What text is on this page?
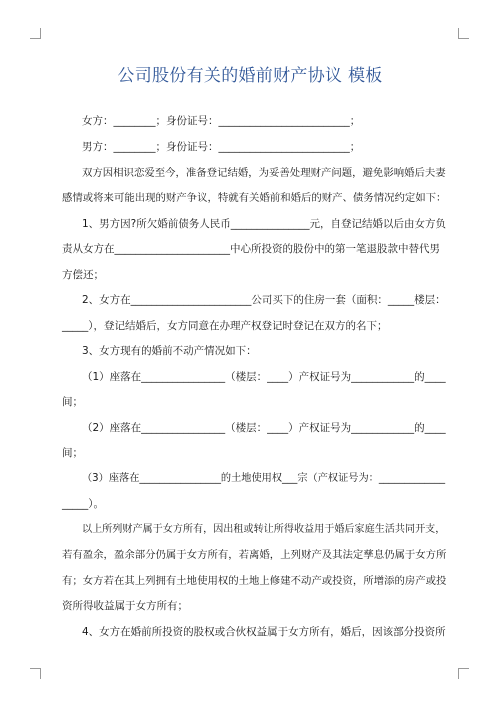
公司股份有关的婚前财产协议 模板
女方：________；身份证号：_________________________；
男方：________；身份证号：_________________________；
双方因相识恋爱至今，准备登记结婚，为妥善处理财产问题，避免影响婚后夫妻
感情或将来可能出现的财产争议，特就有关婚前和婚后的财产、债务情况约定如下：
1、男方因?所欠婚前债务人民币_______________元，自登记结婚以后由女方负
责从女方在______________________中心所投资的股份中的第一笔退股款中替代男
方偿还；
2、女方在_______________________公司买下的住房一套（面积：_____楼层：
_____），登记结婚后，女方同意在办理产权登记时登记在双方的名下；
3、女方现有的婚前不动产情况如下：
（1）座落在________________（楼层：____）产权证号为____________的____
间；
（2）座落在________________（楼层：____）产权证号为____________的____
间；
（3）座落在________________的土地使用权___宗（产权证号为：_____________
_____）。
以上所列财产属于女方所有，因出租或转让所得收益用于婚后家庭生活共同开支，
若有盈余，盈余部分仍属于女方所有，若离婚，上列财产及其法定孳息仍属于女方所
有；女方若在其上列拥有土地使用权的土地上修建不动产或投资，所增添的房产或投
资所得收益属于女方所有；
4、女方在婚前所投资的股权或合伙权益属于女方所有，婚后，因该部分投资所
